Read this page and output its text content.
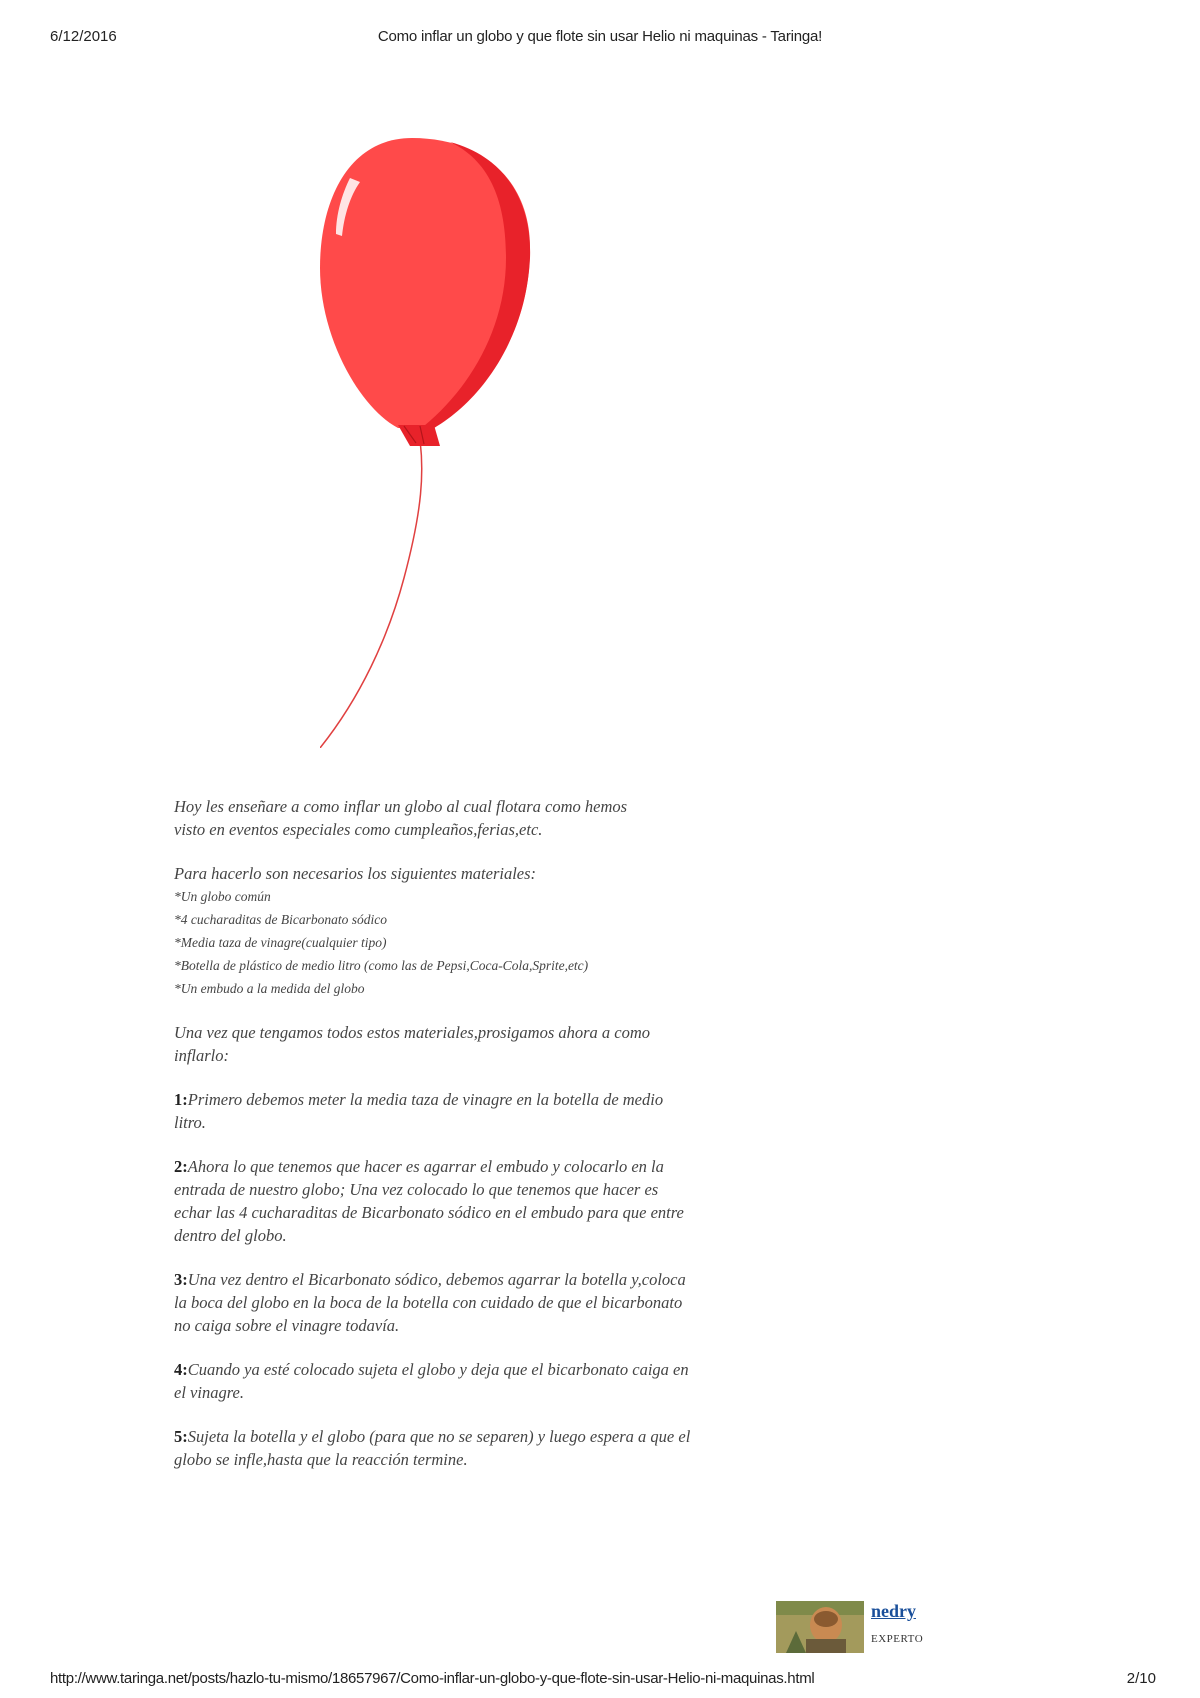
6/12/2016	Como inflar un globo y que flote sin usar Helio ni maquinas - Taringa!

Hoy les enseñare a como inflar un globo al cual flotara como hemos
visto en eventos especiales como cumpleaños,ferias,etc.

Para hacerlo son necesarios los siguientes materiales:
*Un globo común
*4 cucharaditas de Bicarbonato sódico
*Media taza de vinagre(cualquier tipo)
*Botella de plástico de medio litro (como las de Pepsi,Coca-Cola,Sprite,etc)
*Un embudo a la medida del globo

Una vez que tengamos todos estos materiales,prosigamos ahora a como inflarlo:

1:Primero debemos meter la media taza de vinagre en la botella de medio litro.

2:Ahora lo que tenemos que hacer es agarrar el embudo y colocarlo en la entrada de nuestro globo; Una vez colocado lo que tenemos que hacer es echar las 4 cucharaditas de Bicarbonato sódico en el embudo para que entre dentro del globo.

3:Una vez dentro el Bicarbonato sódico, debemos agarrar la botella y,coloca la boca del globo en la boca de la botella con cuidado de que el bicarbonato no caiga sobre el vinagre todavía.

4:Cuando ya esté colocado sujeta el globo y deja que el bicarbonato caiga en el vinagre.

5:Sujeta la botella y el globo (para que no se separen) y luego espera a que el globo se infle,hasta que la reacción termine.

nedry
EXPERTO
http://www.taringa.net/posts/hazlo-tu-mismo/18657967/Como-inflar-un-globo-y-que-flote-sin-usar-Helio-ni-maquinas.html	2/10
